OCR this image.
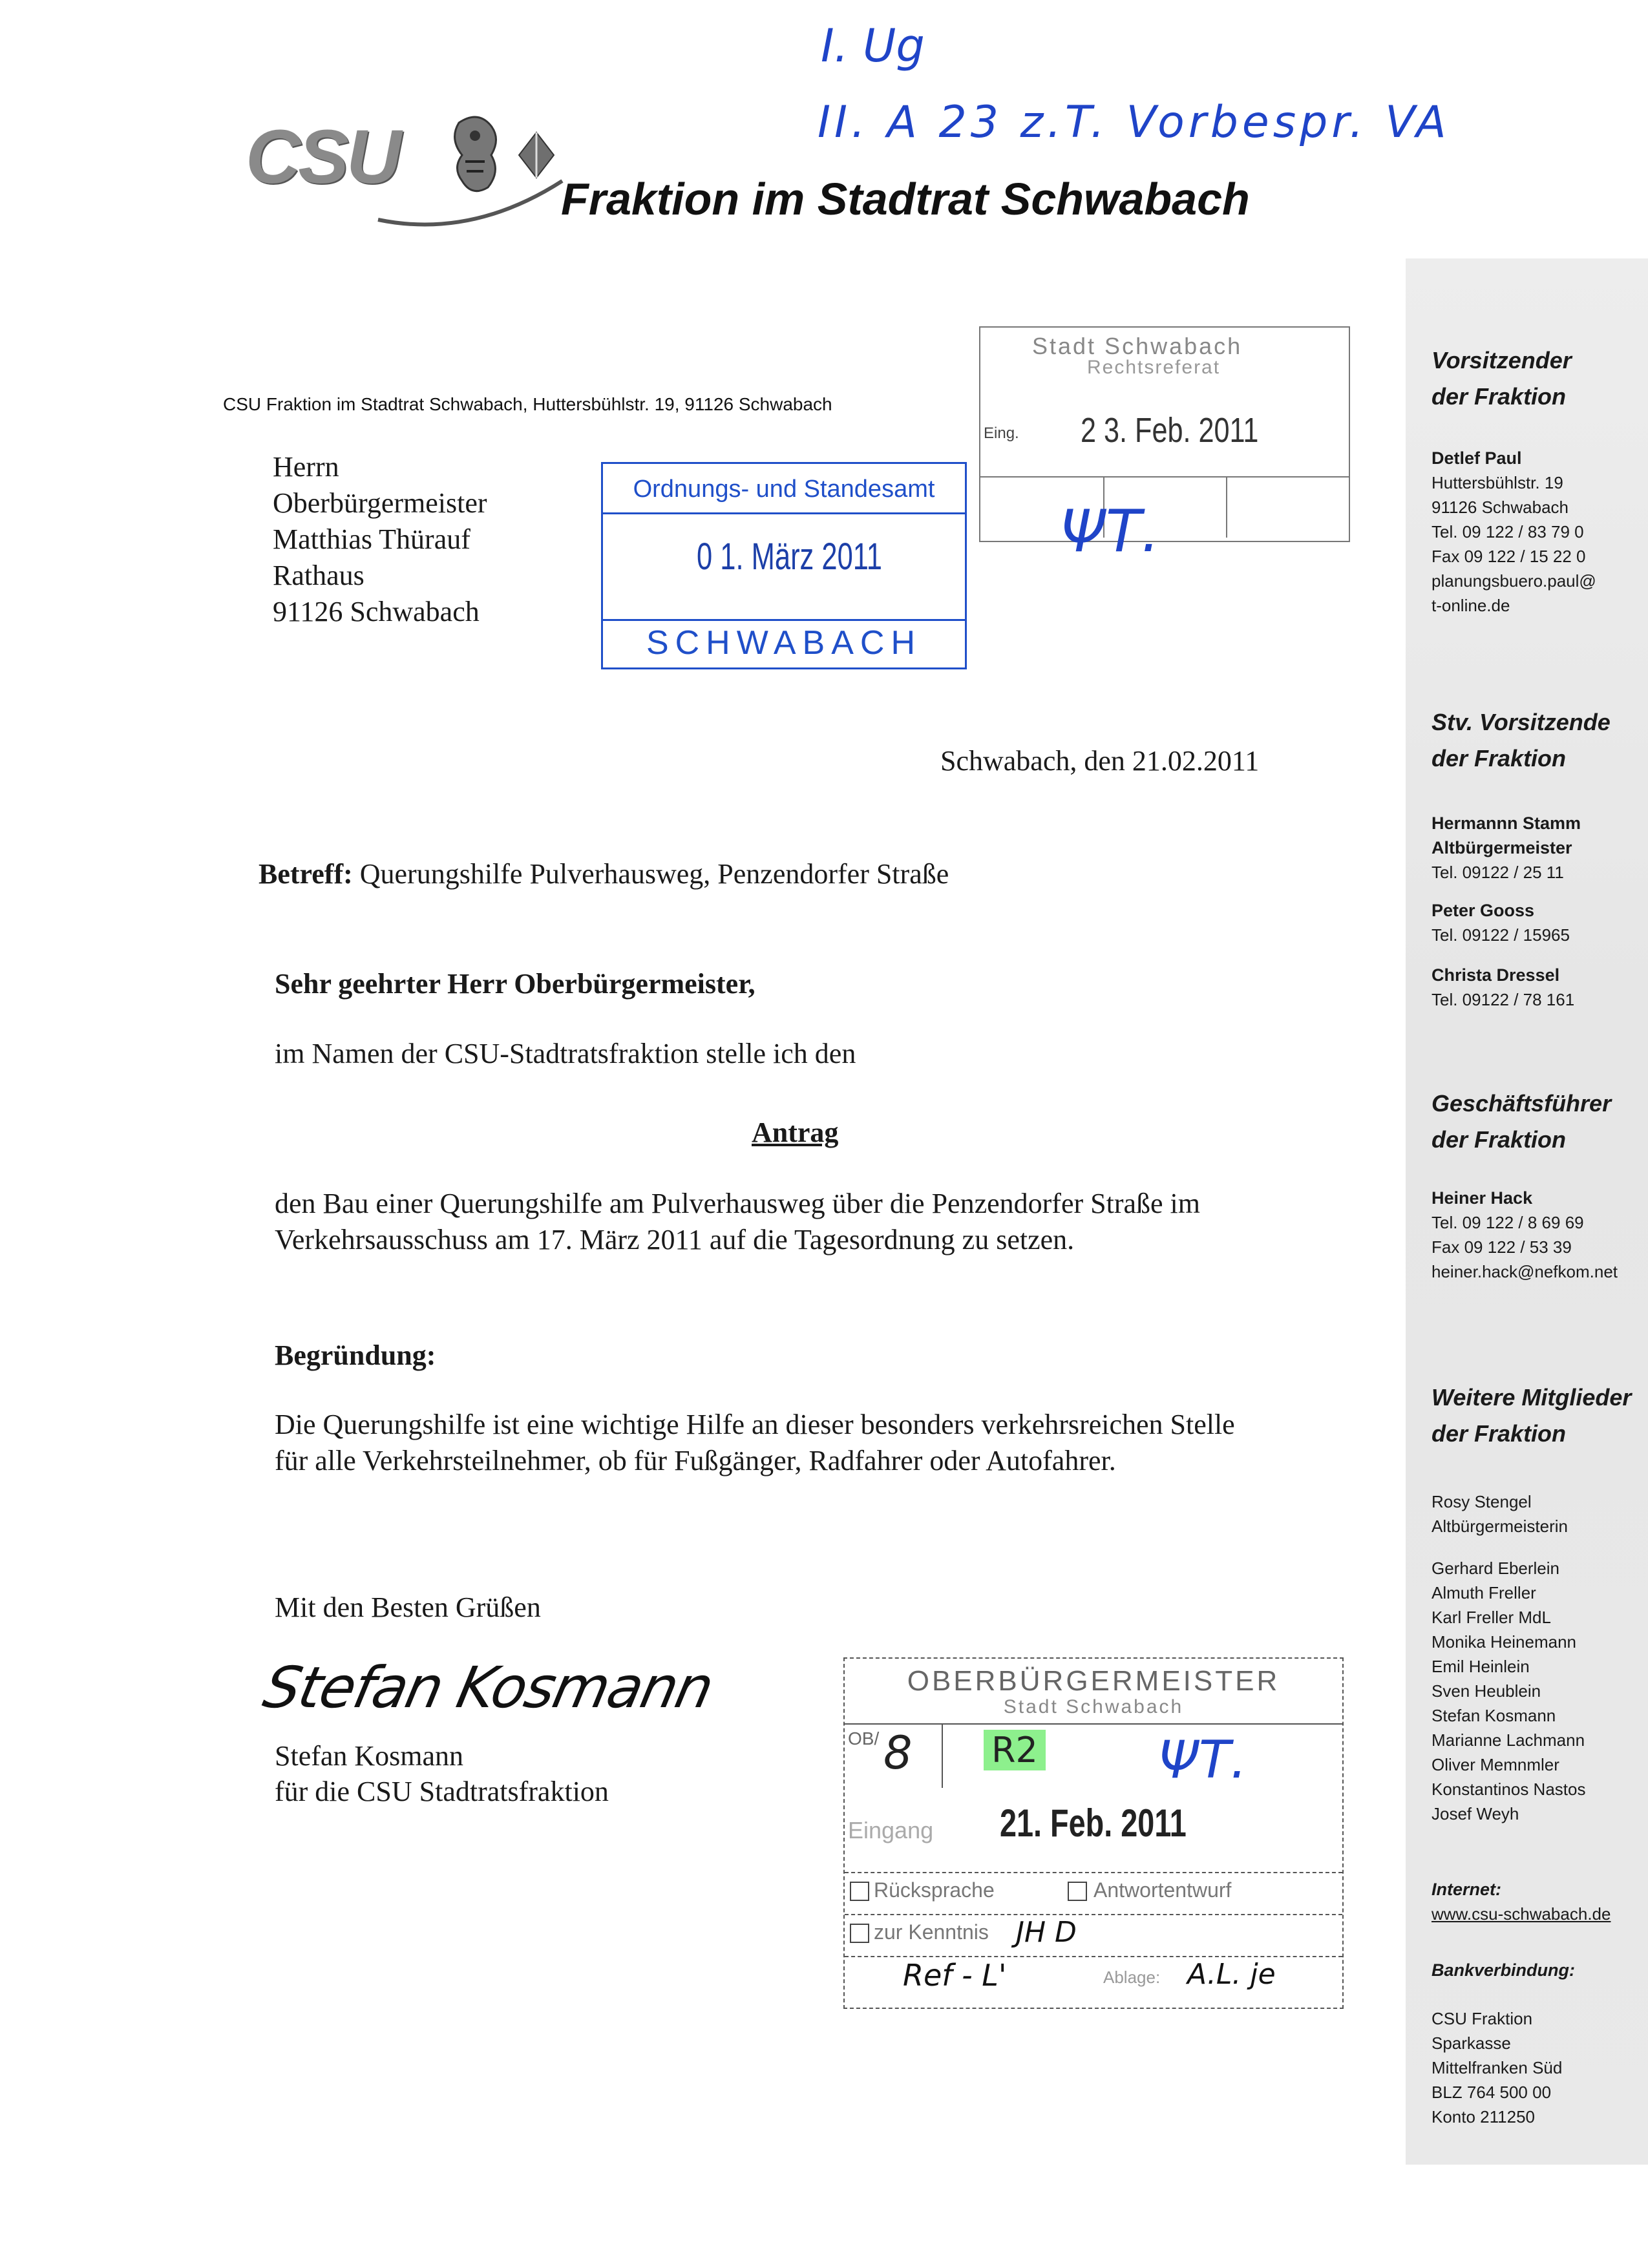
I. Ug
II. A 23 z.T. Vorbespr. VA
CSU	Fraktion im Stadtrat Schwabach
CSU Fraktion im Stadtrat Schwabach, Huttersbühlstr. 19, 91126 Schwabach
Herrn
Oberbürgermeister
Matthias Thürauf
Rathaus
91126 Schwabach
Stadt Schwabach
Rechtsreferat
Eing. 2 3. Feb. 2011
ΨΤ.
Ordnungs- und Standesamt
0 1. März 2011
SCHWABACH
Schwabach, den 21.02.2011
Betreff: Querungshilfe Pulverhausweg, Penzendorfer Straße
Sehr geehrter Herr Oberbürgermeister,
im Namen der CSU-Stadtratsfraktion stelle ich den
Antrag
den Bau einer Querungshilfe am Pulverhausweg über die Penzendorfer Straße im
Verkehrsausschuss am 17. März 2011 auf die Tagesordnung zu setzen.
Begründung:
Die Querungshilfe ist eine wichtige Hilfe an dieser besonders verkehrsreichen Stelle
für alle Verkehrsteilnehmer, ob für Fußgänger, Radfahrer oder Autofahrer.
Mit den Besten Grüßen
Stefan Kosmann
Stefan Kosmann
für die CSU Stadtratsfraktion
OBERBÜRGERMEISTER
Stadt Schwabach
OB/ 8 R2 ΨΤ.
Eingang 21. Feb. 2011
Rücksprache	Antwortentwurf
zur Kenntnis JH D
Ref - L'	Ablage: A.L. je
Vorsitzender
der Fraktion
Detlef Paul
Huttersbühlstr. 19
91126 Schwabach
Tel. 09 122 / 83 79 0
Fax 09 122 / 15 22 0
planungsbuero.paul@
t-online.de
Stv. Vorsitzende
der Fraktion
Hermannn Stamm
Altbürgermeister
Tel. 09122 / 25 11
Peter Gooss
Tel. 09122 / 15965
Christa Dressel
Tel. 09122 / 78 161
Geschäftsführer
der Fraktion
Heiner Hack
Tel. 09 122 / 8 69 69
Fax 09 122 / 53 39
heiner.hack@nefkom.net
Weitere Mitglieder
der Fraktion
Rosy Stengel
Altbürgermeisterin
Gerhard Eberlein
Almuth Freller
Karl Freller MdL
Monika Heinemann
Emil Heinlein
Sven Heublein
Stefan Kosmann
Marianne Lachmann
Oliver Memnmler
Konstantinos Nastos
Josef Weyh
Internet:
www.csu-schwabach.de
Bankverbindung:
CSU Fraktion
Sparkasse
Mittelfranken Süd
BLZ 764 500 00
Konto 211250
